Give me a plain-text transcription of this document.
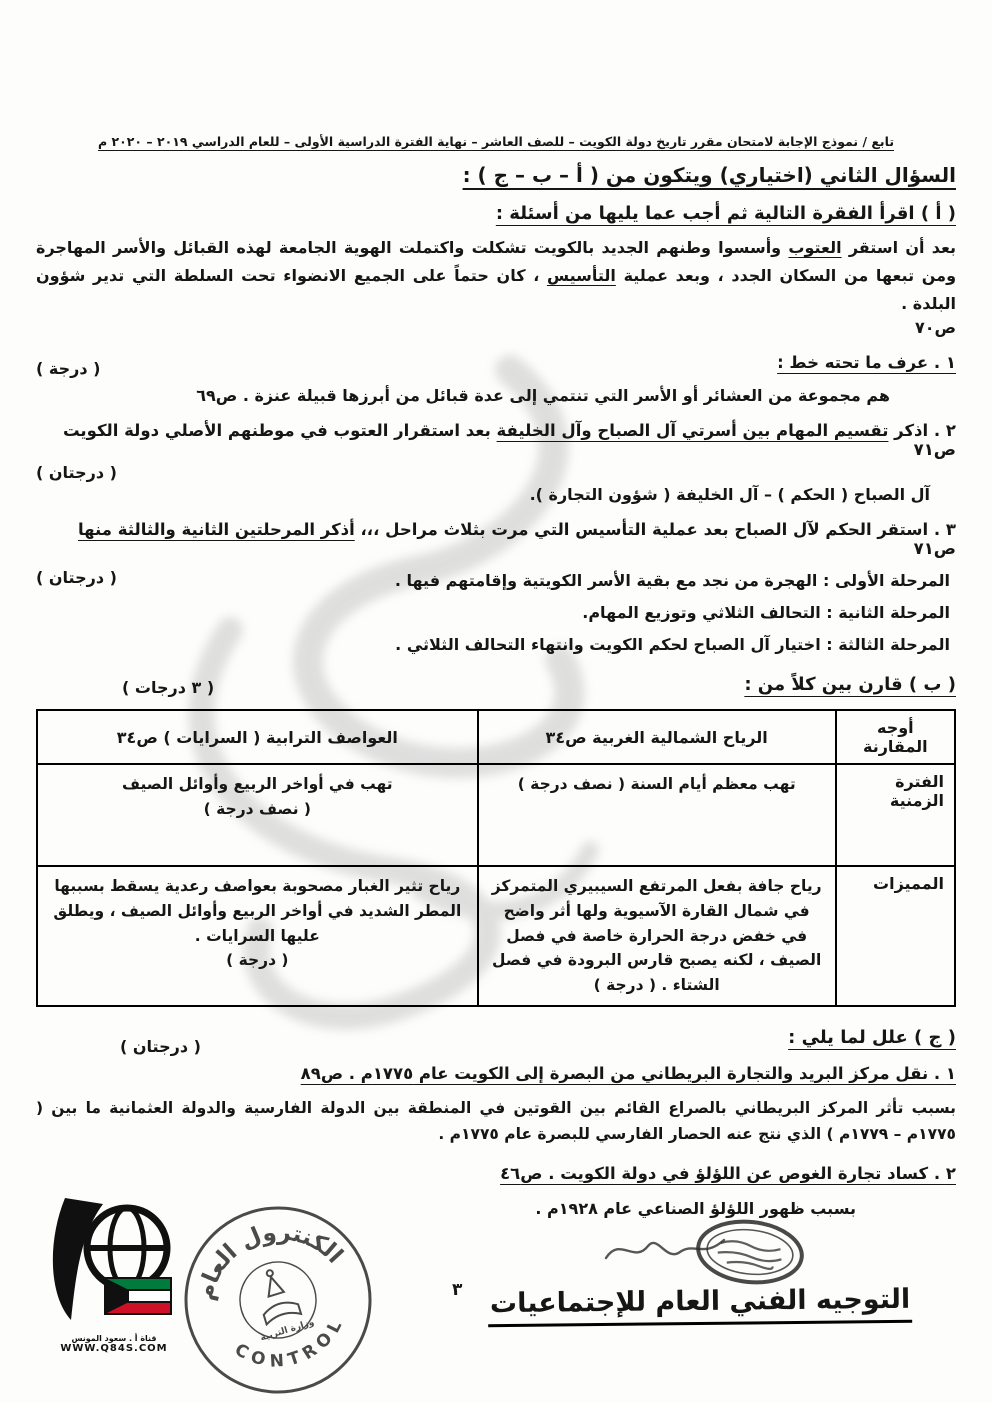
تابع / نموذج الإجابة لامتحان مقرر تاريخ دولة الكويت – للصف العاشر – نهاية الفترة الدراسية الأولى – للعام الدراسي ٢٠١٩ – ٢٠٢٠ م
السؤال الثاني (اختياري) ويتكون من ( أ – ب – ج ) :
( أ ) اقرأ الفقرة التالية ثم أجب عما يليها من أسئلة :
بعد أن استقر العتوب وأسسوا وطنهم الجديد بالكويت تشكلت واكتملت الهوية الجامعة لهذه القبائل والأسر المهاجرة ومن تبعها من السكان الجدد ، وبعد عملية التأسيس ، كان حتماً على الجميع الانضواء تحت السلطة التي تدير شؤون البلدة .
ص٧٠
١ . عرف ما تحته خط :
( درجة )
هم مجموعة من العشائر أو الأسر التي تنتمي إلى عدة قبائل من أبرزها قبيلة عنزة . ص٦٩
٢ . اذكر تقسيم المهام بين أسرتي آل الصباح وآل الخليفة بعد استقرار العتوب في موطنهم الأصلي دولة الكويت ص٧١
( درجتان )
آل الصباح ( الحكم ) – آل الخليفة ( شؤون التجارة ).
٣ . استقر الحكم لآل الصباح بعد عملية التأسيس التي مرت بثلاث مراحل ،،، أذكر المرحلتين الثانية والثالثة منها ص٧١
( درجتان )	المرحلة الأولى : الهجرة من نجد مع بقية الأسر الكويتية وإقامتهم فيها .
المرحلة الثانية : التحالف الثلاثي وتوزيع المهام.
المرحلة الثالثة : اختيار آل الصباح لحكم الكويت وانتهاء التحالف الثلاثي .
( ب ) قارن بين كلاً من :
( ٣ درجات )
أوجه المقارنة	الرياح الشمالية الغربية ص٣٤	العواصف الترابية ( السرايات ) ص٣٤
الفترة الزمنية	تهب معظم أيام السنة ( نصف درجة )	تهب في أواخر الربيع وأوائل الصيف
( نصف درجة )

المميزات	رياح جافة بفعل المرتفع السيبيري المتمركز في شمال القارة الآسيوية ولها أثر واضح في خفض درجة الحرارة خاصة في فصل الصيف ، لكنه يصبح قارس البرودة في فصل الشتاء . ( درجة )	رياح تثير الغبار مصحوبة بعواصف رعدية يسقط بسببها المطر الشديد في أواخر الربيع وأوائل الصيف ، ويطلق عليها السرايات .
( درجة )
( ج ) علل لما يلي :
( درجتان )
١ . نقل مركز البريد والتجارة البريطاني من البصرة إلى الكويت عام ١٧٧٥م . ص٨٩
بسبب تأثر المركز البريطاني بالصراع القائم بين القوتين في المنطقة بين الدولة الفارسية والدولة العثمانية ما بين ( ١٧٧٥م – ١٧٧٩م ) الذي نتج عنه الحصار الفارسي للبصرة عام ١٧٧٥م .
٢ . كساد تجارة الغوص عن اللؤلؤ في دولة الكويت . ص٤٦
بسبب ظهور اللؤلؤ الصناعي عام ١٩٢٨م .
٣
الكنترول العام
CONTROL
وزارة التربية
التوجيه الفني العام للإجتماعيات
قناة أ . سعود المونس
WWW.Q84S.COM
